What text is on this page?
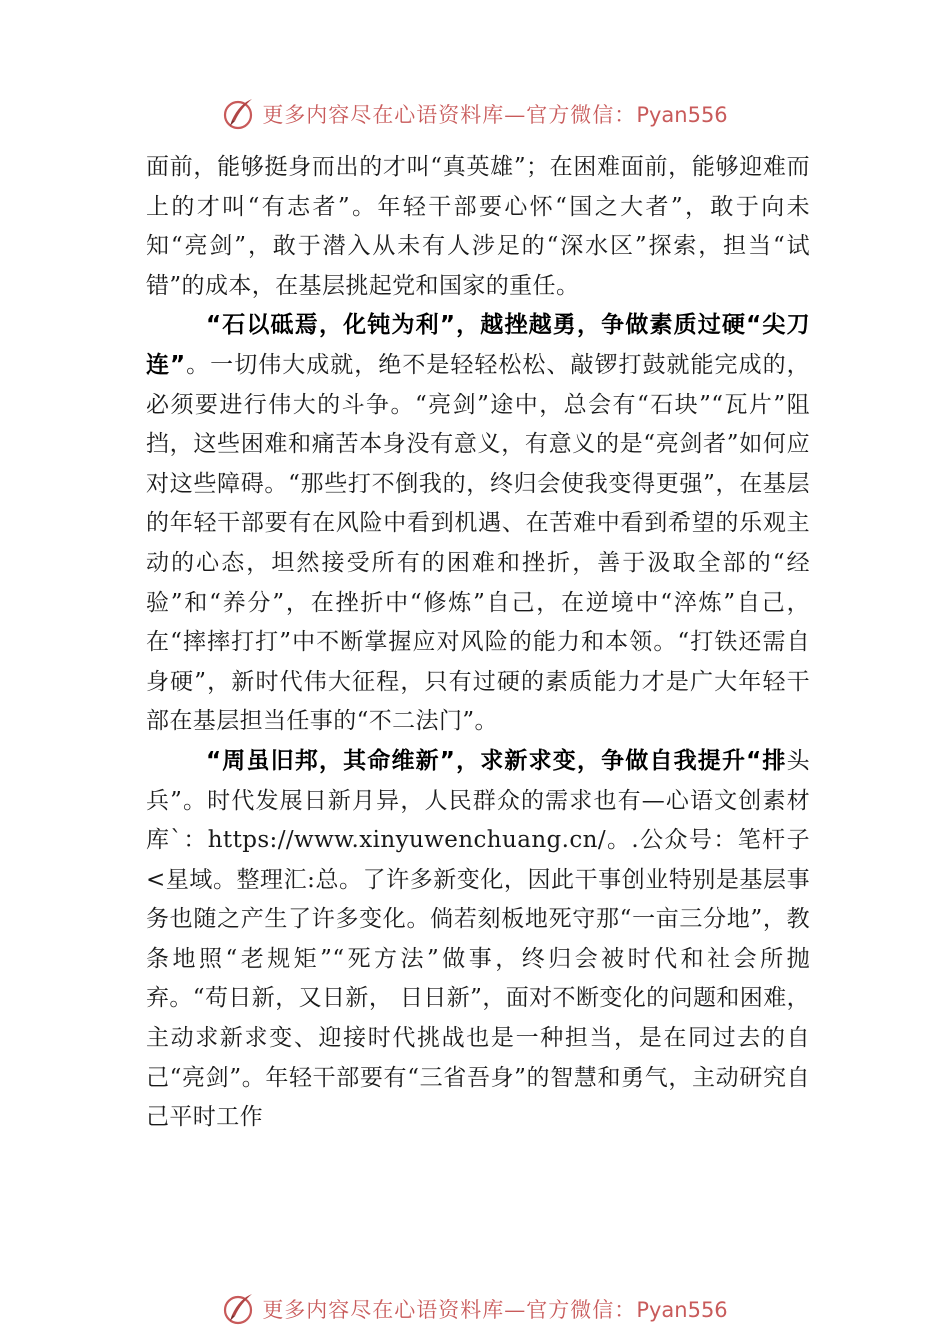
更多内容尽在心语资料库—官方微信：Pyan556

面前，能够挺身而出的才叫“真英雄”；在困难面前，能够迎难而上的才叫“有志者”。年轻干部要心怀“国之大者”，敢于向未知“亮剑”，敢于潜入从未有人涉足的“深水区”探索，担当“试错”的成本，在基层挑起党和国家的重任。

“石以砥焉，化钝为利”，越挫越勇，争做素质过硬“尖刀连”。一切伟大成就，绝不是轻轻松松、敲锣打鼓就能完成的，必须要进行伟大的斗争。“亮剑”途中，总会有“石块”“瓦片”阻挡，这些困难和痛苦本身没有意义，有意义的是“亮剑者”如何应对这些障碍。“那些打不倒我的，终归会使我变得更强”，在基层的年轻干部要有在风险中看到机遇、在苦难中看到希望的乐观主动的心态，坦然接受所有的困难和挫折，善于汲取全部的“经验”和“养分”，在挫折中“修炼”自己，在逆境中“淬炼”自己，在“摔摔打打”中不断掌握应对风险的能力和本领。“打铁还需自身硬”，新时代伟大征程，只有过硬的素质能力才是广大年轻干部在基层担当任事的“不二法门”。

“周虽旧邦，其命维新”，求新求变，争做自我提升“排头兵”。时代发展日新月异，人民群众的需求也有—心语文创素材库`：https://www.xinyuwenchuang.cn/。.公众号：笔杆子<星域。整理汇:总。了许多新变化，因此干事创业特别是基层事务也随之产生了许多变化。倘若刻板地死守那“一亩三分地”，教条地照“老规矩”“死方法”做事，终归会被时代和社会所抛弃。“苟日新，又日新， 日日新”，面对不断变化的问题和困难，主动求新求变、迎接时代挑战也是一种担当，是在同过去的自己“亮剑”。年轻干部要有“三省吾身”的智慧和勇气，主动研究自己平时工作

更多内容尽在心语资料库—官方微信：Pyan556
